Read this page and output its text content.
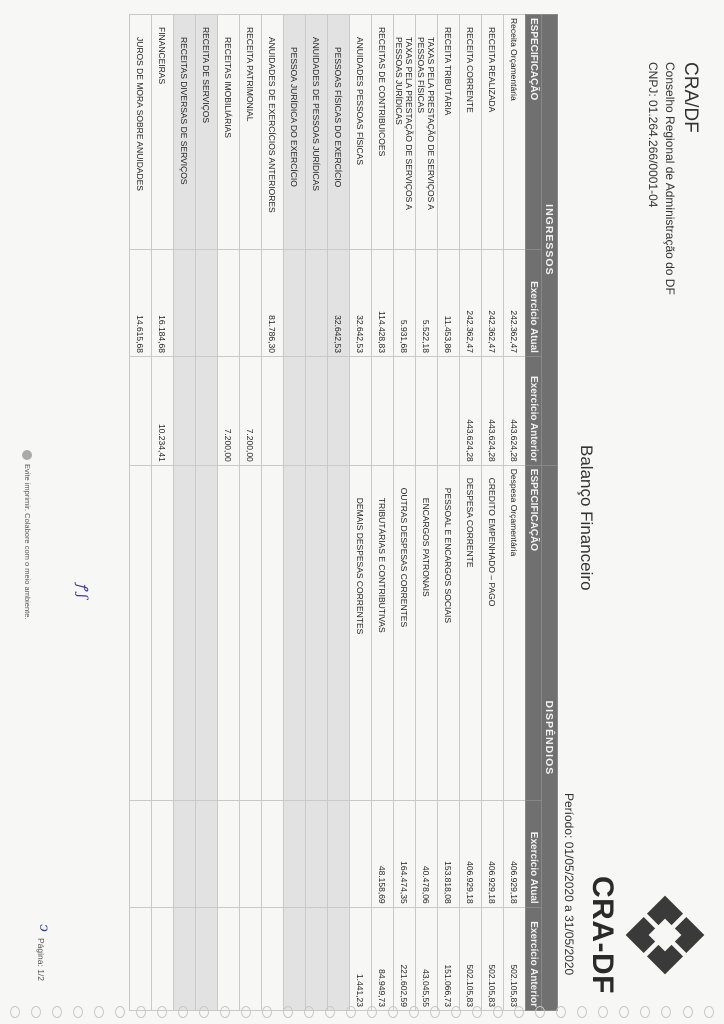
CRA/DF
Conselho Regional de Administração do DF
CNPJ: 01.264.266/0001-04
Balanço Financeiro
CRA-DF
Período: 01/05/2020 a 31/05/2020
INGRESSOS			DISPÊNDIOS		
ESPECIFICAÇÃO	Exercício Atual	Exercício Anterior	ESPECIFICAÇÃO	Exercício Atual	Exercício Anterior
Receita Orçamentária	242.362,47	443.624,28	Despesa Orçamentária	406.929,18	502.105,83
RECEITA REALIZADA	242.362,47	443.624,28	CREDITO EMPENHADO – PAGO	406.929,18	502.105,83
RECEITA CORRENTE	242.362,47	443.624,28	DESPESA CORRENTE	406.929,18	502.105,83
RECEITA TRIBUTÁRIA	11.453,86		PESSOAL E ENCARGOS SOCIAIS	153.818,08	151.066,73
TAXAS PELA PRESTAÇÃO DE SERVIÇOS A PESSOAS FÍSICAS	5.522,18		ENCARGOS PATRONAIS	40.478,06	43.045,55
TAXAS PELA PRESTAÇÃO DE SERVIÇOS A PESSOAS JURÍDICAS	5.931,68		OUTRAS DESPESAS CORRENTES	164.474,35	221.602,59
RECEITAS DE CONTRIBUICOES	114.428,83		TRIBUTÁRIAS E CONTRIBUTIVAS	48.158,69	84.949,73
ANUIDADES PESSOAS FÍSICAS	32.642,53		DEMAIS DESPESAS CORRENTES		1.441,23
PESSOAS FÍSICAS DO EXERCÍCIO	32.642,53				
ANUIDADES DE PESSOAS JURÍDICAS					
PESSOA JURÍDICA DO EXERCÍCIO					
ANUIDADES DE EXERCÍCIOS ANTERIORES	81.786,30				
RECEITA PATRIMONIAL		7.200,00			
RECEITAS IMOBILIÁRIAS		7.200,00			
RECEITA DE SERVIÇOS					
RECEITAS DIVERSAS DE SERVIÇOS					
FINANCEIRAS	16.184,68	10.234,41			
JUROS DE MORA SOBRE ANUIDADES	14.615,68				
ꝭ ʃ
ↄ
Evite imprimir. Colabore com o meio ambiente.
Página: 1/2
